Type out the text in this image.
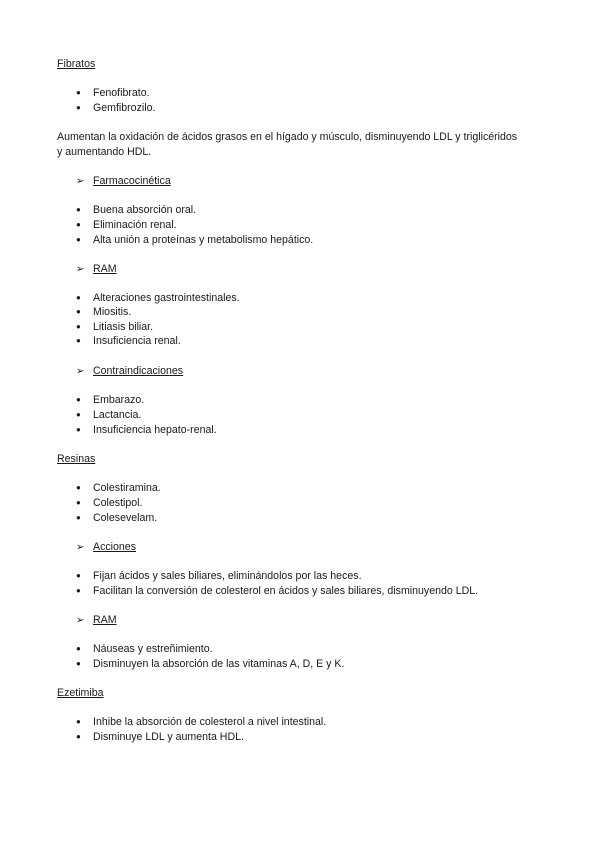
Fibratos
● Fenofibrato.
● Gemfibrozilo.
Aumentan la oxidación de ácidos grasos en el hígado y músculo, disminuyendo LDL y triglicéridos
y aumentando HDL.
➢ Farmacocinética
● Buena absorción oral.
● Eliminación renal.
● Alta unión a proteínas y metabolismo hepático.
➢ RAM
● Alteraciones gastrointestinales.
● Miositis.
● Litiasis biliar.
● Insuficiencia renal.
➢ Contraindicaciones
● Embarazo.
● Lactancia.
● Insuficiencia hepato-renal.
Resinas
● Colestiramina.
● Colestipol.
● Colesevelam.
➢ Acciones
● Fijan ácidos y sales biliares, eliminándolos por las heces.
● Facilitan la conversión de colesterol en ácidos y sales biliares, disminuyendo LDL.
➢ RAM
● Náuseas y estreñimiento.
● Disminuyen la absorción de las vitaminas A, D, E y K.
Ezetimiba
● Inhibe la absorción de colesterol a nivel intestinal.
● Disminuye LDL y aumenta HDL.
